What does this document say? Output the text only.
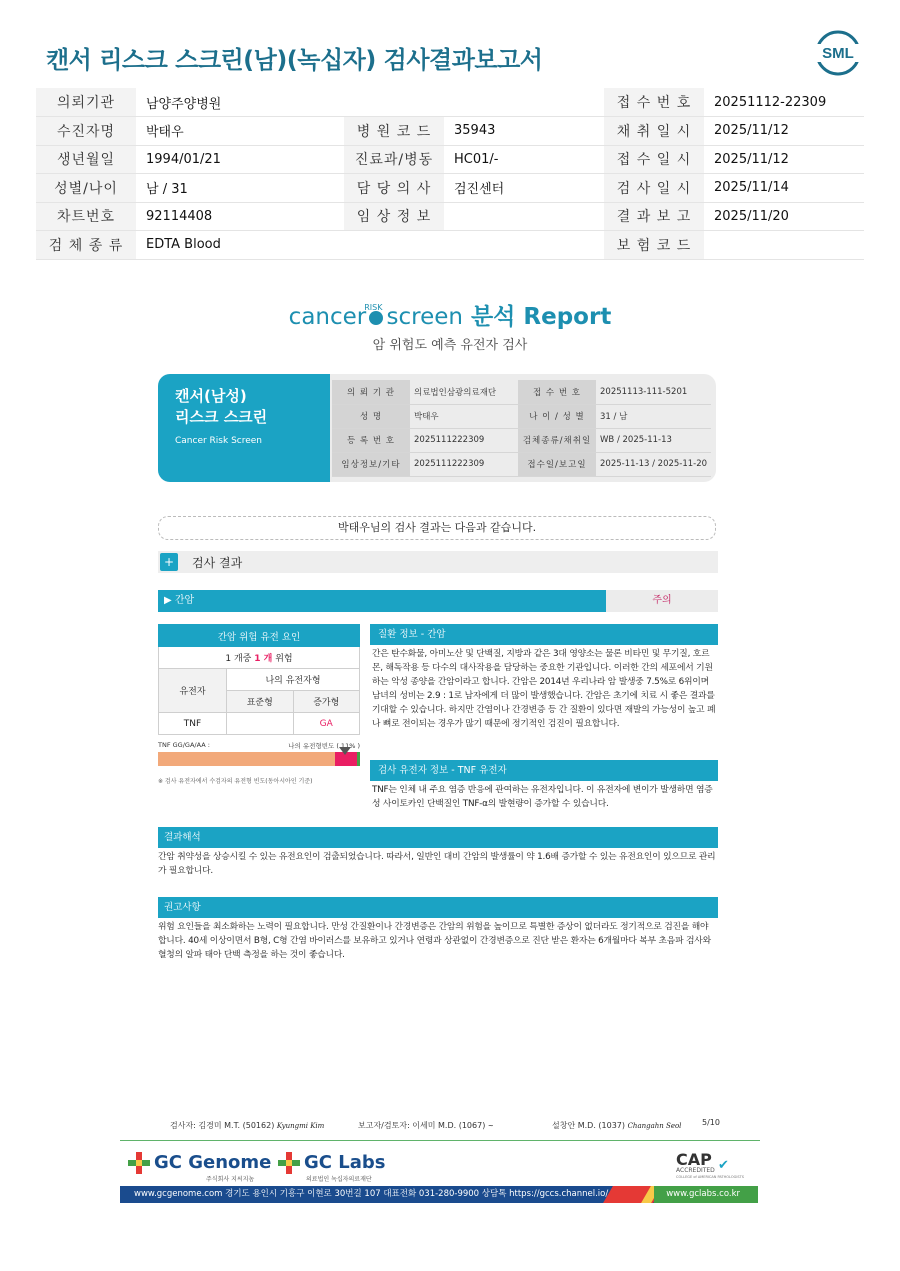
캔서 리스크 스크린(남)(녹십자) 검사결과보고서	SML
의뢰기관	남양주양병원			접 수 번 호	20251112-22309
수진자명	박태우	병 원 코 드	35943	채 취 일 시	2025/11/12
생년월일	1994/01/21	진료과/병동	HC01/-	접 수 일 시	2025/11/12
성별/나이	남 / 31	담 당 의 사	검진센터	검 사 일 시	2025/11/14
차트번호	92114408	임 상 정 보		결 과 보 고	2025/11/20
검 체 종 류	EDTA Blood			보 험 코 드	
cancer$^{RISK}$ screen 분석 Report
암 위험도 예측 유전자 검사
캔서(남성)
리스크 스크린
Cancer Risk Screen
의 뢰 기 관	의료법인삼광의료재단	접 수 번 호	20251113-111-5201
성 명	박태우	나 이 / 성 별	31 / 남
등 록 번 호	2025111222309	검체종류/채취일	WB / 2025-11-13
임상정보/기타	2025111222309	접수일/보고일	2025-11-13 / 2025-11-20
박태우님의 검사 결과는 다음과 같습니다.
+	검사 결과
▶ 간암	주의
간암 위험 유전 요인		
1 개중 1 개 위험		
유전자	나의 유전자형	
	표준형	증가형
TNF		GA
TNF GG/GA/AA :	나의 유전형빈도 ( 11% )
※ 검사 유전자에서 수검자의 유전형 빈도(동아시아인 기준)
질환 정보 - 간암
간은 탄수화물, 아미노산 및 단백질, 지방과 같은 3대 영양소는 물론 비타민 및 무기질, 호르몬, 해독작용 등 다수의 대사작용을 담당하는 중요한 기관입니다. 이러한 간의 세포에서 기원하는 악성 종양을 간암이라고 합니다. 간암은 2014년 우리나라 암 발생중 7.5%로 6위이며 남녀의 성비는 2.9 : 1로 남자에게 더 많이 발생했습니다. 간암은 초기에 치료 시 좋은 결과를 기대할 수 있습니다. 하지만 간염이나 간경변증 등 간 질환이 있다면 재발의 가능성이 높고 폐나 뼈로 전이되는 경우가 많기 때문에 정기적인 검진이 필요합니다.
검사 유전자 정보 - TNF 유전자
TNF는 인체 내 주요 염증 반응에 관여하는 유전자입니다. 이 유전자에 변이가 발생하면 염증성 사이토카인 단백질인 TNF-α의 발현량이 증가할 수 있습니다.
결과해석
간암 취약성을 상승시킬 수 있는 유전요인이 검출되었습니다. 따라서, 일반인 대비 간암의 발생률이 약 1.6배 증가할 수 있는 유전요인이 있으므로 관리가 필요합니다.
권고사항
위험 요인들을 최소화하는 노력이 필요합니다. 만성 간질환이나 간경변증은 간암의 위험을 높이므로 특별한 증상이 없더라도 정기적으로 검진을 해야 합니다. 40세 이상이면서 B형, C형 간염 바이러스를 보유하고 있거나 연령과 상관없이 간경변증으로 진단 받은 환자는 6개월마다 복부 초음파 검사와 혈청의 알파 태아 단백 측정을 하는 것이 좋습니다.
검사자: 김경미 M.T. (50162) Kyungmi Kim	보고자/검토자: 이세미 M.D. (1067) ~	설창안 M.D. (1037) Changahn Seol	5/10
GC Genome
주식회사 지씨지놈
GC Labs
의료법인 녹십자의료재단
CAP ✔
ACCREDITED
COLLEGE of AMERICAN PATHOLOGISTS
www.gcgenome.com 경기도 용인시 기흥구 이현로 30번길 107 대표전화 031-280-9900 상담톡 https://gccs.channel.io/	www.gclabs.co.kr
